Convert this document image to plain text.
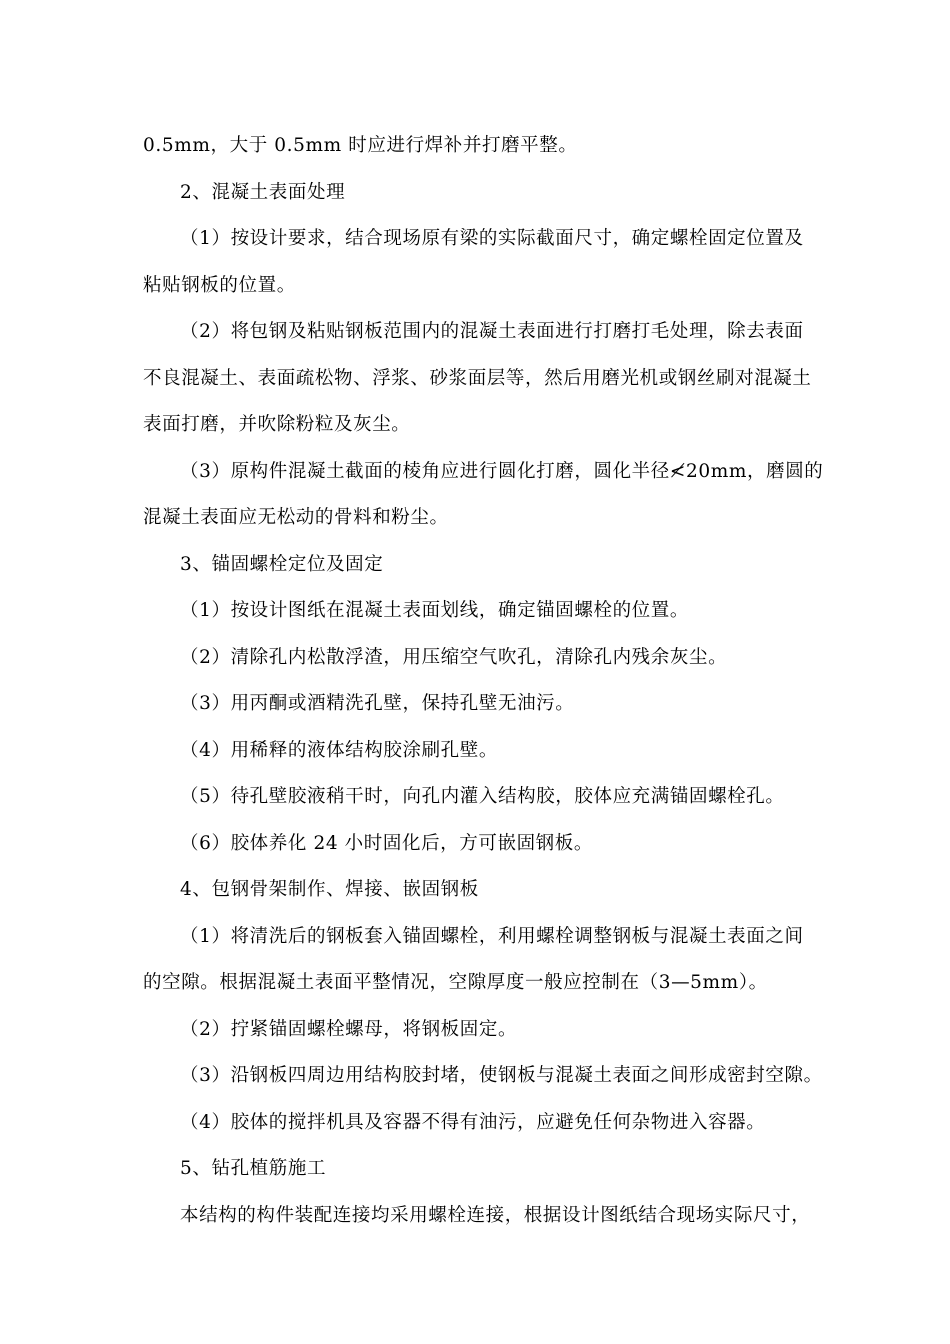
0.5mm，大于 0.5mm 时应进行焊补并打磨平整。
2、混凝土表面处理
（1）按设计要求，结合现场原有梁的实际截面尺寸，确定螺栓固定位置及
粘贴钢板的位置。
（2）将包钢及粘贴钢板范围内的混凝土表面进行打磨打毛处理，除去表面
不良混凝土、表面疏松物、浮浆、砂浆面层等，然后用磨光机或钢丝刷对混凝土
表面打磨，并吹除粉粒及灰尘。
（3）原构件混凝土截面的棱角应进行圆化打磨，圆化半径≮20mm，磨圆的
混凝土表面应无松动的骨料和粉尘。
3、锚固螺栓定位及固定
（1）按设计图纸在混凝土表面划线，确定锚固螺栓的位置。
（2）清除孔内松散浮渣，用压缩空气吹孔，清除孔内残余灰尘。
（3）用丙酮或酒精洗孔壁，保持孔壁无油污。
（4）用稀释的液体结构胶涂刷孔壁。
（5）待孔壁胶液稍干时，向孔内灌入结构胶，胶体应充满锚固螺栓孔。
（6）胶体养化 24 小时固化后，方可嵌固钢板。
4、包钢骨架制作、焊接、嵌固钢板
（1）将清洗后的钢板套入锚固螺栓，利用螺栓调整钢板与混凝土表面之间
的空隙。根据混凝土表面平整情况，空隙厚度一般应控制在（3—5mm）。
（2）拧紧锚固螺栓螺母，将钢板固定。
（3）沿钢板四周边用结构胶封堵，使钢板与混凝土表面之间形成密封空隙。
（4）胶体的搅拌机具及容器不得有油污，应避免任何杂物进入容器。
5、钻孔植筋施工
本结构的构件装配连接均采用螺栓连接，根据设计图纸结合现场实际尺寸，
